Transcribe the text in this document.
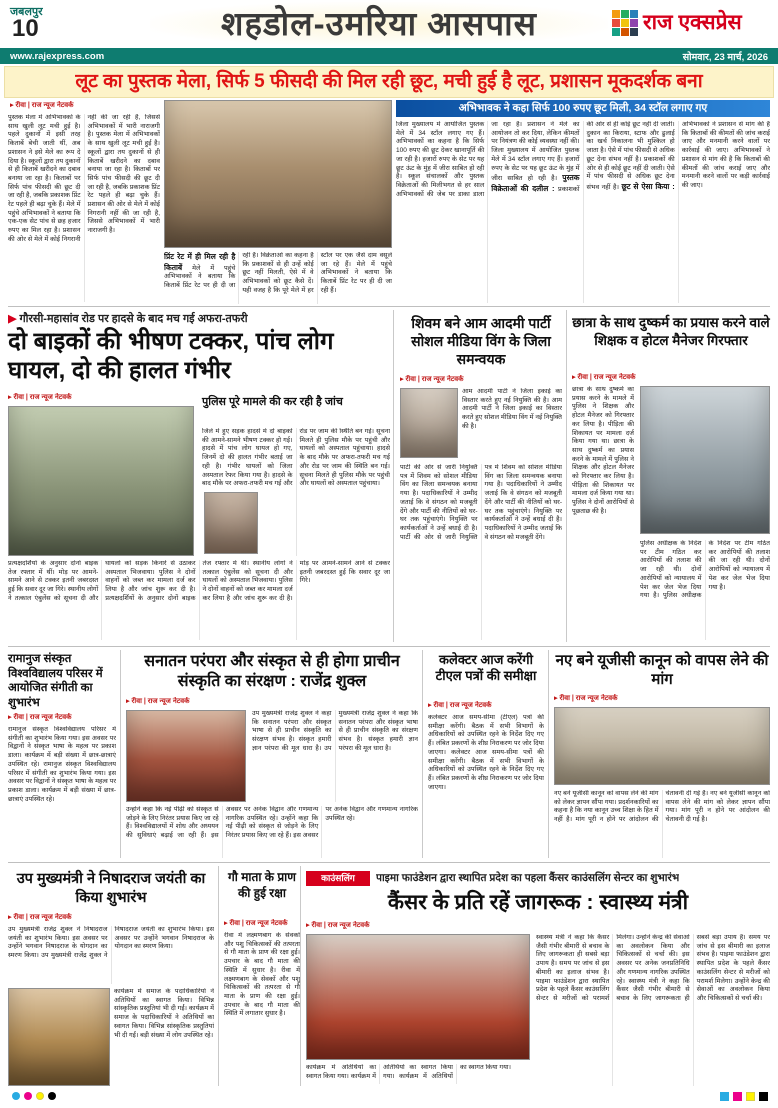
जबलपुर
10	शहडोल-उमरिया आसपास	राज एक्सप्रेस
www.rajexpress.com	सोमवार, 23 मार्च, 2026
लूट का पुस्तक मेला, सिर्फ 5 फीसदी की मिल रही छूट, मची हुई है लूट, प्रशासन मूकदर्शक बना
▸ रीवा | राज न्यूज नेटवर्क
पुस्तक मेला में अभिभावकों के साथ खुली लूट मची हुई है। पहले दुकानों में इसी तरह किताबें बेची जाती थीं, अब प्रशासन ने इसे मेले का रूप दे दिया है। स्कूलों द्वारा तय दुकानों से ही किताबें खरीदने का दबाव बनाया जा रहा है। किताबों पर सिर्फ पांच फीसदी की छूट दी जा रही है, जबकि प्रकाशक प्रिंट रेट पहले ही बढ़ा चुके हैं। मेले में पहुंचे अभिभावकों ने बताया कि एक-एक सेट पांच से छह हजार रुपए का मिल रहा है। प्रशासन की ओर से मेले में कोई निगरानी नहीं की जा रही है, जिससे अभिभावकों में भारी नाराजगी है। पुस्तक मेला में अभिभावकों के साथ खुली लूट मची हुई है। स्कूलों द्वारा तय दुकानों से ही किताबें खरीदने का दबाव बनाया जा रहा है। किताबों पर सिर्फ पांच फीसदी की छूट दी जा रही है, जबकि प्रकाशक प्रिंट रेट पहले ही बढ़ा चुके हैं। प्रशासन की ओर से मेले में कोई निगरानी नहीं की जा रही है, जिससे अभिभावकों में भारी नाराजगी है।
प्रिंट रेट में ही मिल रही है किताबें मेले में पहुंचे अभिभावकों ने बताया कि किताबें प्रिंट रेट पर ही दी जा रही हैं। विक्रेताओं का कहना है कि प्रकाशकों से ही उन्हें कोई छूट नहीं मिलती, ऐसे में वे अभिभावकों को छूट कैसे दें। यही वजह है कि पूरे मेले में हर स्टॉल पर एक जैसे दाम वसूले जा रहे हैं। मेले में पहुंचे अभिभावकों ने बताया कि किताबें प्रिंट रेट पर ही दी जा रही हैं।
अभिभावक ने कहा सिर्फ 100 रुपए छूट मिली, 34 स्टॉल लगाए गए
जिला मुख्यालय में आयोजित पुस्तक मेले में 34 स्टॉल लगाए गए हैं। अभिभावकों का कहना है कि सिर्फ 100 रुपए की छूट देकर खानापूर्ति की जा रही है। हजारों रुपए के सेट पर यह छूट ऊंट के मुंह में जीरा साबित हो रही है। स्कूल संचालकों और पुस्तक विक्रेताओं की मिलीभगत से हर साल अभिभावकों की जेब पर डाका डाला जा रहा है। प्रशासन ने मेले का आयोजन तो कर दिया, लेकिन कीमतों पर नियंत्रण की कोई व्यवस्था नहीं की। जिला मुख्यालय में आयोजित पुस्तक मेले में 34 स्टॉल लगाए गए हैं। हजारों रुपए के सेट पर यह छूट ऊंट के मुंह में जीरा साबित हो रही है। पुस्तक विक्रेताओं की दलील : प्रकाशकों की ओर से ही कोई छूट नहीं दी जाती। दुकान का किराया, स्टाफ और ढुलाई का खर्च निकालना भी मुश्किल हो जाता है। ऐसे में पांच फीसदी से अधिक छूट देना संभव नहीं है। प्रकाशकों की ओर से ही कोई छूट नहीं दी जाती। ऐसे में पांच फीसदी से अधिक छूट देना संभव नहीं है। छूट से ऐसा किया : अभिभावकों ने प्रशासन से मांग की है कि किताबों की कीमतों की जांच कराई जाए और मनमानी करने वालों पर कार्रवाई की जाए। अभिभावकों ने प्रशासन से मांग की है कि किताबों की कीमतों की जांच कराई जाए और मनमानी करने वालों पर कड़ी कार्रवाई की जाए।
▶ गौरसी-महासांव रोड पर हादसे के बाद मच गई अफरा-तफरी
दो बाइकों की भीषण टक्कर, पांच लोग घायल, दो की हालत गंभीर
▸ रीवा | राज न्यूज नेटवर्क	पुलिस पूरे मामले की कर रही है जांच
जिले में हुए सड़क हादसे में दो बाइकों की आमने-सामने भीषण टक्कर हो गई। हादसे में पांच लोग घायल हो गए, जिनमें दो की हालत गंभीर बताई जा रही है। गंभीर घायलों को जिला अस्पताल रेफर किया गया है। हादसे के बाद मौके पर अफरा-तफरी मच गई और रोड पर जाम की स्थिति बन गई। सूचना मिलते ही पुलिस मौके पर पहुंची और घायलों को अस्पताल पहुंचाया। हादसे के बाद मौके पर अफरा-तफरी मच गई और रोड पर जाम की स्थिति बन गई। सूचना मिलते ही पुलिस मौके पर पहुंची और घायलों को अस्पताल पहुंचाया।
प्रत्यक्षदर्शियों के अनुसार दोनों बाइक तेज रफ्तार में थीं। मोड़ पर आमने-सामने आने से टक्कर इतनी जबरदस्त हुई कि सवार दूर जा गिरे। स्थानीय लोगों ने तत्काल एंबुलेंस को सूचना दी और घायलों को सड़क किनारे से उठाकर अस्पताल भिजवाया। पुलिस ने दोनों वाहनों को जब्त कर मामला दर्ज कर लिया है और जांच शुरू कर दी है। प्रत्यक्षदर्शियों के अनुसार दोनों बाइक तेज रफ्तार में थीं। स्थानीय लोगों ने तत्काल एंबुलेंस को सूचना दी और घायलों को अस्पताल भिजवाया। पुलिस ने दोनों वाहनों को जब्त कर मामला दर्ज कर लिया है और जांच शुरू कर दी है। मोड़ पर आमने-सामने आने से टक्कर इतनी जबरदस्त हुई कि सवार दूर जा गिरे।
शिवम बने आम आदमी पार्टी सोशल मीडिया विंग के जिला समन्वयक
▸ रीवा | राज न्यूज नेटवर्क
आम आदमी पार्टी ने जिला इकाई का विस्तार करते हुए नई नियुक्ति की है। आम आदमी पार्टी ने जिला इकाई का विस्तार करते हुए सोशल मीडिया विंग में नई नियुक्ति की है।
पार्टी की ओर से जारी नियुक्ति पत्र में शिवम को सोशल मीडिया विंग का जिला समन्वयक बनाया गया है। पदाधिकारियों ने उम्मीद जताई कि वे संगठन को मजबूती देंगे और पार्टी की नीतियों को घर-घर तक पहुंचाएंगे। नियुक्ति पर कार्यकर्ताओं ने उन्हें बधाई दी है। पार्टी की ओर से जारी नियुक्ति पत्र में शिवम को सोशल मीडिया विंग का जिला समन्वयक बनाया गया है। पदाधिकारियों ने उम्मीद जताई कि वे संगठन को मजबूती देंगे और पार्टी की नीतियों को घर-घर तक पहुंचाएंगे। नियुक्ति पर कार्यकर्ताओं ने उन्हें बधाई दी है। पदाधिकारियों ने उम्मीद जताई कि वे संगठन को मजबूती देंगे।
छात्रा के साथ दुष्कर्म का प्रयास करने वाले शिक्षक व होटल मैनेजर गिरफ्तार
▸ रीवा | राज न्यूज नेटवर्क
छात्रा के साथ दुष्कर्म का प्रयास करने के मामले में पुलिस ने शिक्षक और होटल मैनेजर को गिरफ्तार कर लिया है। पीड़िता की शिकायत पर मामला दर्ज किया गया था। छात्रा के साथ दुष्कर्म का प्रयास करने के मामले में पुलिस ने शिक्षक और होटल मैनेजर को गिरफ्तार कर लिया है। पीड़िता की शिकायत पर मामला दर्ज किया गया था। पुलिस ने दोनों आरोपियों से पूछताछ की है।
पुलिस अधीक्षक के निर्देश पर टीम गठित कर आरोपियों की तलाश की जा रही थी। दोनों आरोपियों को न्यायालय में पेश कर जेल भेज दिया गया है। पुलिस अधीक्षक के निर्देश पर टीम गठित कर आरोपियों की तलाश की जा रही थी। दोनों आरोपियों को न्यायालय में पेश कर जेल भेज दिया गया है।
रामानुज संस्कृत विश्वविद्यालय परिसर में आयोजित संगीती का शुभारंभ
▸ रीवा | राज न्यूज नेटवर्क
रामानुज संस्कृत विश्वविद्यालय परिसर में संगीती का शुभारंभ किया गया। इस अवसर पर विद्वानों ने संस्कृत भाषा के महत्व पर प्रकाश डाला। कार्यक्रम में बड़ी संख्या में छात्र-छात्राएं उपस्थित रहे। रामानुज संस्कृत विश्वविद्यालय परिसर में संगीती का शुभारंभ किया गया। इस अवसर पर विद्वानों ने संस्कृत भाषा के महत्व पर प्रकाश डाला। कार्यक्रम में बड़ी संख्या में छात्र-छात्राएं उपस्थित रहे।
सनातन परंपरा और संस्कृत से ही होगा प्राचीन संस्कृति का संरक्षण : राजेंद्र शुक्ल
▸ रीवा | राज न्यूज नेटवर्क
उप मुख्यमंत्री राजेंद्र शुक्ल ने कहा कि सनातन परंपरा और संस्कृत भाषा से ही प्राचीन संस्कृति का संरक्षण संभव है। संस्कृत हमारी ज्ञान परंपरा की मूल धारा है। उप मुख्यमंत्री राजेंद्र शुक्ल ने कहा कि सनातन परंपरा और संस्कृत भाषा से ही प्राचीन संस्कृति का संरक्षण संभव है। संस्कृत हमारी ज्ञान परंपरा की मूल धारा है।
उन्होंने कहा कि नई पीढ़ी को संस्कृत से जोड़ने के लिए निरंतर प्रयास किए जा रहे हैं। विश्वविद्यालयों में शोध और अध्ययन की सुविधाएं बढ़ाई जा रही हैं। इस अवसर पर अनेक विद्वान और गणमान्य नागरिक उपस्थित रहे। उन्होंने कहा कि नई पीढ़ी को संस्कृत से जोड़ने के लिए निरंतर प्रयास किए जा रहे हैं। इस अवसर पर अनेक विद्वान और गणमान्य नागरिक उपस्थित रहे।
कलेक्टर आज करेंगी टीएल पत्रों की समीक्षा
▸ रीवा | राज न्यूज नेटवर्क
कलेक्टर आज समय-सीमा (टीएल) पत्रों की समीक्षा करेंगी। बैठक में सभी विभागों के अधिकारियों को उपस्थित रहने के निर्देश दिए गए हैं। लंबित प्रकरणों के शीघ्र निराकरण पर जोर दिया जाएगा। कलेक्टर आज समय-सीमा पत्रों की समीक्षा करेंगी। बैठक में सभी विभागों के अधिकारियों को उपस्थित रहने के निर्देश दिए गए हैं। लंबित प्रकरणों के शीघ्र निराकरण पर जोर दिया जाएगा।
नए बने यूजीसी कानून को वापस लेने की मांग
▸ रीवा | राज न्यूज नेटवर्क
नए बने यूजीसी कानून को वापस लेने की मांग को लेकर ज्ञापन सौंपा गया। प्रदर्शनकारियों का कहना है कि नया कानून उच्च शिक्षा के हित में नहीं है। मांग पूरी न होने पर आंदोलन की चेतावनी दी गई है। नए बने यूजीसी कानून को वापस लेने की मांग को लेकर ज्ञापन सौंपा गया। मांग पूरी न होने पर आंदोलन की चेतावनी दी गई है।
उप मुख्यमंत्री ने निषादराज जयंती का किया शुभारंभ
▸ रीवा | राज न्यूज नेटवर्क
उप मुख्यमंत्री राजेंद्र शुक्ल ने निषादराज जयंती का शुभारंभ किया। इस अवसर पर उन्होंने भगवान निषादराज के योगदान का स्मरण किया। उप मुख्यमंत्री राजेंद्र शुक्ल ने निषादराज जयंती का शुभारंभ किया। इस अवसर पर उन्होंने भगवान निषादराज के योगदान का स्मरण किया।
कार्यक्रम में समाज के पदाधिकारियों ने अतिथियों का स्वागत किया। विभिन्न सांस्कृतिक प्रस्तुतियां भी दी गईं। कार्यक्रम में समाज के पदाधिकारियों ने अतिथियों का स्वागत किया। विभिन्न सांस्कृतिक प्रस्तुतियां भी दी गईं। बड़ी संख्या में लोग उपस्थित रहे।
गौ माता के प्राण की हुई रक्षा
▸ रीवा | राज न्यूज नेटवर्क
रीवा में लक्ष्मणबाग के सेवकों और पशु चिकित्सकों की तत्परता से गौ माता के प्राण की रक्षा हुई। उपचार के बाद गौ माता की स्थिति में सुधार है। रीवा में लक्ष्मणबाग के सेवकों और पशु चिकित्सकों की तत्परता से गौ माता के प्राण की रक्षा हुई। उपचार के बाद गौ माता की स्थिति में लगातार सुधार है।
काउंसलिंग	पाइमा फाउंडेशन द्वारा स्थापित प्रदेश का पहला कैंसर काउंसलिंग सेन्टर का शुभारंभ
कैंसर के प्रति रहें जागरूक : स्वास्थ्य मंत्री
▸ रीवा | राज न्यूज नेटवर्क
स्वास्थ्य मंत्री ने कहा कि कैंसर जैसी गंभीर बीमारी से बचाव के लिए जागरूकता ही सबसे बड़ा उपाय है। समय पर जांच से इस बीमारी का इलाज संभव है। पाइमा फाउंडेशन द्वारा स्थापित प्रदेश के पहले कैंसर काउंसलिंग सेन्टर से मरीजों को परामर्श मिलेगा। उन्होंने केन्द्र की सेवाओं का अवलोकन किया और चिकित्सकों से चर्चा की। इस अवसर पर अनेक जनप्रतिनिधि और गणमान्य नागरिक उपस्थित रहे। स्वास्थ्य मंत्री ने कहा कि कैंसर जैसी गंभीर बीमारी से बचाव के लिए जागरूकता ही सबसे बड़ा उपाय है। समय पर जांच से इस बीमारी का इलाज संभव है। पाइमा फाउंडेशन द्वारा स्थापित प्रदेश के पहले कैंसर काउंसलिंग सेन्टर से मरीजों को परामर्श मिलेगा। उन्होंने केन्द्र की सेवाओं का अवलोकन किया और चिकित्सकों से चर्चा की।
कार्यक्रम में अतिथियों का स्वागत किया गया। कार्यक्रम में अतिथियों का स्वागत किया गया। कार्यक्रम में अतिथियों का स्वागत किया गया।
